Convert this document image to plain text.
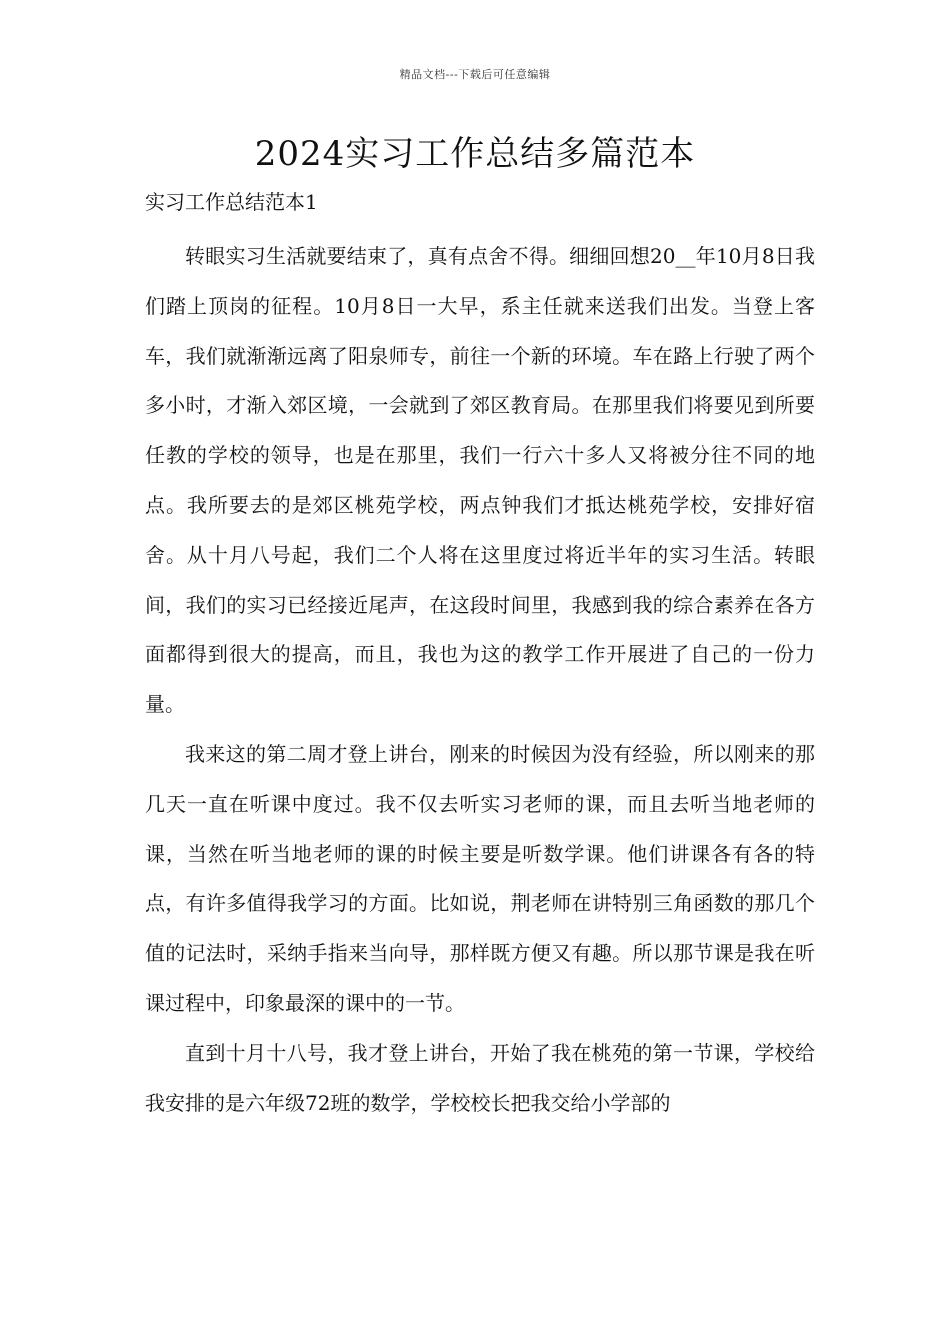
精品文档---下载后可任意编辑
2024实习工作总结多篇范本
实习工作总结范本1

转眼实习生活就要结束了，真有点舍不得。细细回想20__年10月8日我们踏上顶岗的征程。10月8日一大早，系主任就来送我们出发。当登上客车，我们就渐渐远离了阳泉师专，前往一个新的环境。车在路上行驶了两个多小时，才渐入郊区境，一会就到了郊区教育局。在那里我们将要见到所要任教的学校的领导，也是在那里，我们一行六十多人又将被分往不同的地点。我所要去的是郊区桃苑学校，两点钟我们才抵达桃苑学校，安排好宿舍。从十月八号起，我们二个人将在这里度过将近半年的实习生活。转眼间，我们的实习已经接近尾声，在这段时间里，我感到我的综合素养在各方面都得到很大的提高，而且，我也为这的教学工作开展进了自己的一份力量。

我来这的第二周才登上讲台，刚来的时候因为没有经验，所以刚来的那几天一直在听课中度过。我不仅去听实习老师的课，而且去听当地老师的课，当然在听当地老师的课的时候主要是听数学课。他们讲课各有各的特点，有许多值得我学习的方面。比如说，荆老师在讲特别三角函数的那几个值的记法时，采纳手指来当向导，那样既方便又有趣。所以那节课是我在听课过程中，印象最深的课中的一节。

直到十月十八号，我才登上讲台，开始了我在桃苑的第一节课，学校给我安排的是六年级72班的数学，学校校长把我交给小学部的
